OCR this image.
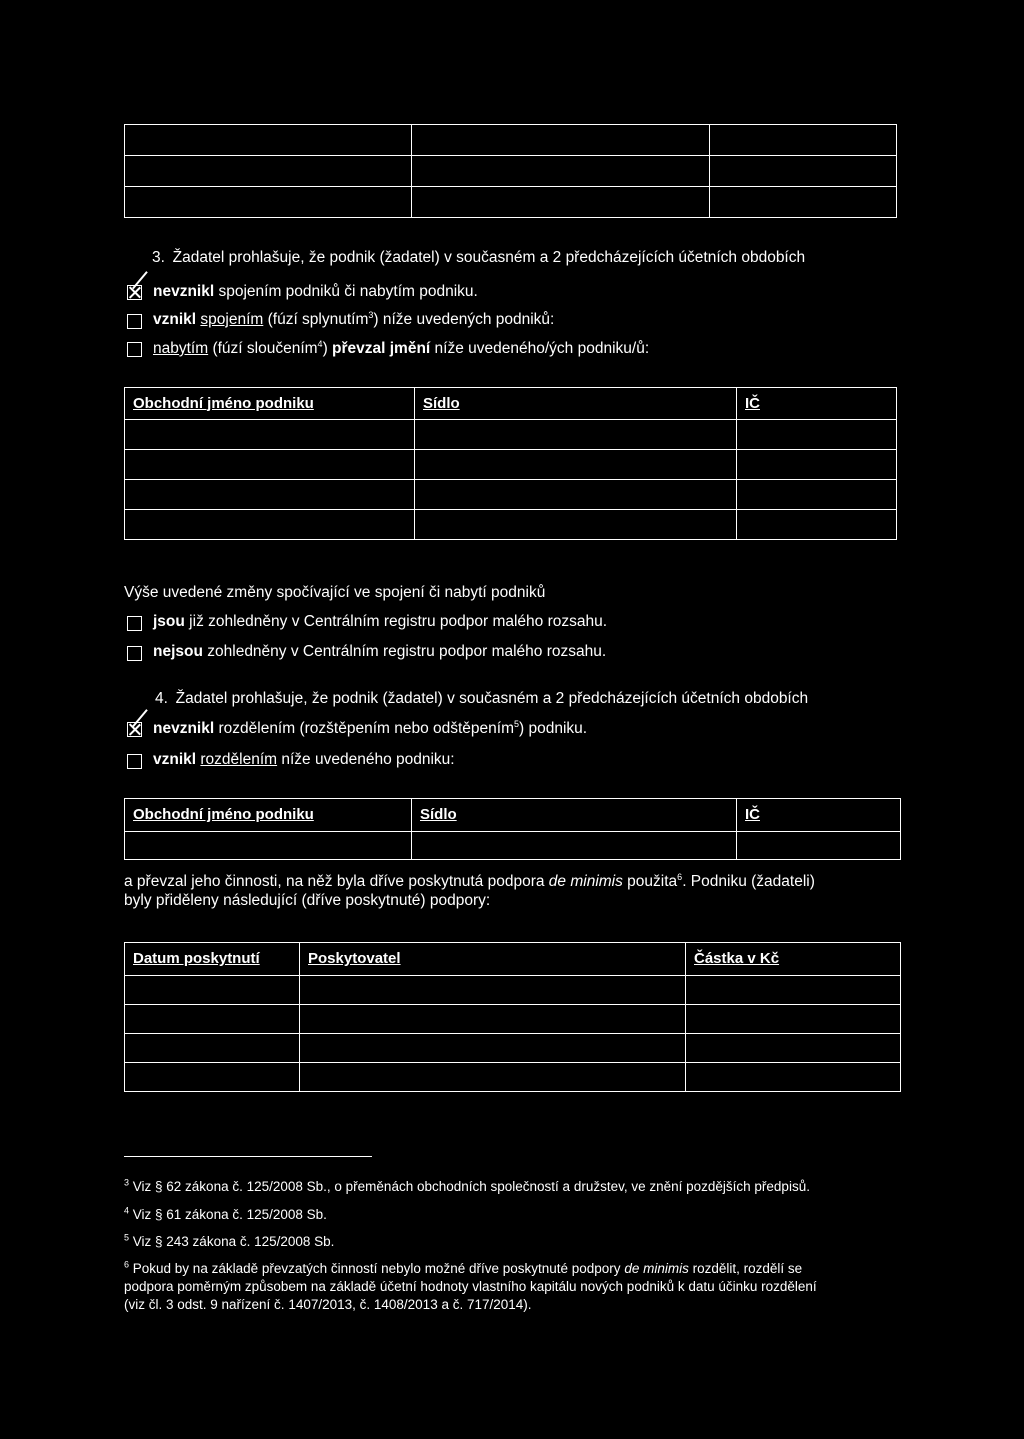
3. Žadatel prohlašuje, že podnik (žadatel) v současném a 2 předcházejících účetních obdobích
nevznikl spojením podniků či nabytím podniku.
vznikl spojením (fúzí splynutím$^3$) níže uvedených podniků:
nabytím (fúzí sloučením$^4$) převzal jmění níže uvedeného/ých podniku/ů:
Obchodní jméno podniku	Sídlo	IČ

Výše uvedené změny spočívající ve spojení či nabytí podniků
jsou již zohledněny v Centrálním registru podpor malého rozsahu.
nejsou zohledněny v Centrálním registru podpor malého rozsahu.
4. Žadatel prohlašuje, že podnik (žadatel) v současném a 2 předcházejících účetních obdobích
nevznikl rozdělením (rozštěpením nebo odštěpením$^5$) podniku.
vznikl rozdělením níže uvedeného podniku:
Obchodní jméno podniku	Sídlo	IČ

a převzal jeho činnosti, na něž byla dříve poskytnutá podpora de minimis použita$^6$. Podniku (žadateli)
byly přiděleny následující (dříve poskytnuté) podpory:
Datum poskytnutí	Poskytovatel	Částka v Kč

$^3$ Viz § 62 zákona č. 125/2008 Sb., o přeměnách obchodních společností a družstev, ve znění pozdějších předpisů.
$^4$ Viz § 61 zákona č. 125/2008 Sb.
$^5$ Viz § 243 zákona č. 125/2008 Sb.
$^6$ Pokud by na základě převzatých činností nebylo možné dříve poskytnuté podpory de minimis rozdělit, rozdělí se
podpora poměrným způsobem na základě účetní hodnoty vlastního kapitálu nových podniků k datu účinku rozdělení
(viz čl. 3 odst. 9 nařízení č. 1407/2013, č. 1408/2013 a č. 717/2014).
